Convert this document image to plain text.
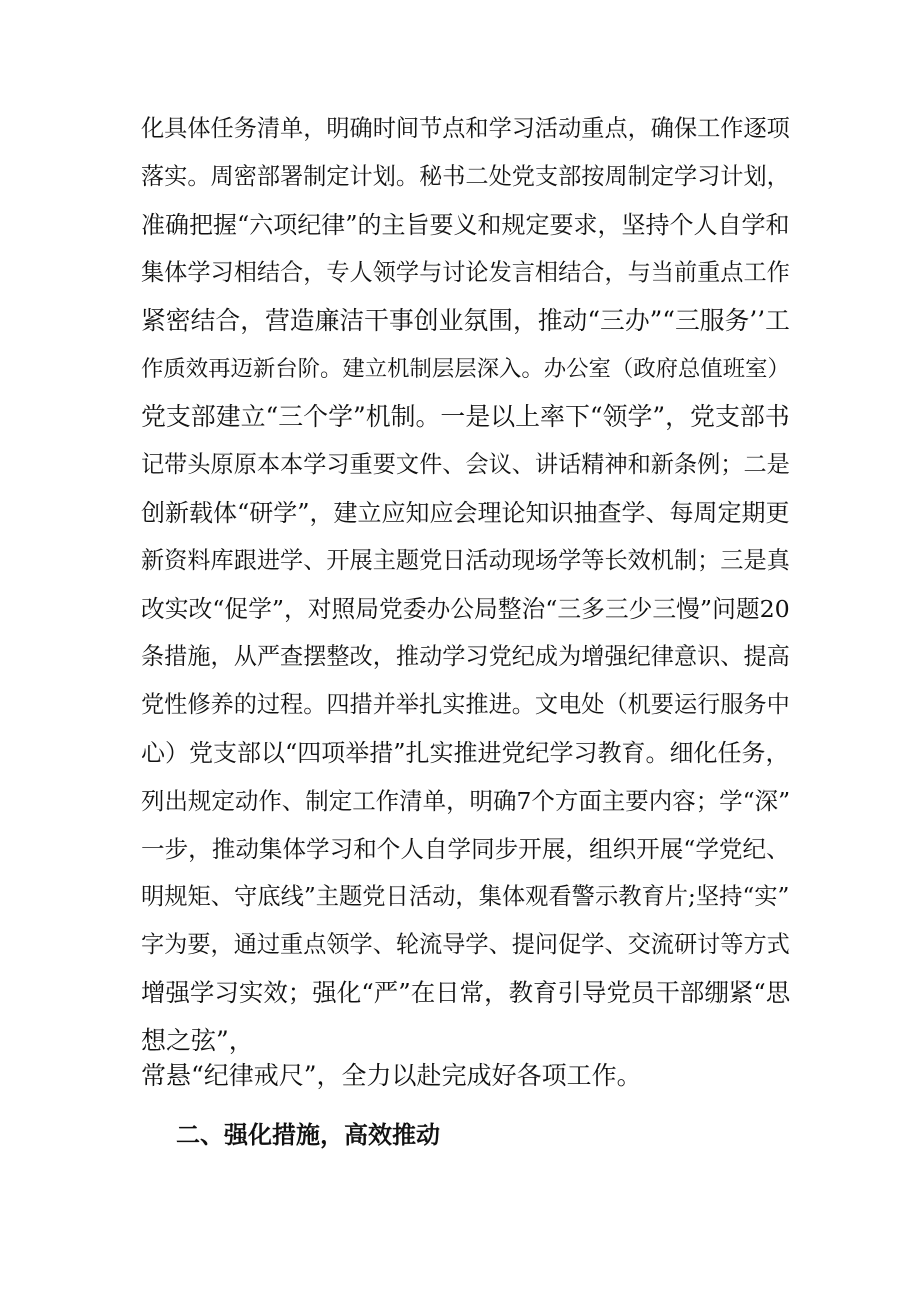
化具体任务清单，明确时间节点和学习活动重点，确保工作逐项
落实。周密部署制定计划。秘书二处党支部按周制定学习计划，
准确把握“六项纪律”的主旨要义和规定要求，坚持个人自学和
集体学习相结合，专人领学与讨论发言相结合，与当前重点工作
紧密结合，营造廉洁干事创业氛围，推动“三办”“三服务’’工
作质效再迈新台阶。建立机制层层深入。办公室（政府总值班室）
党支部建立“三个学”机制。一是以上率下“领学”，党支部书
记带头原原本本学习重要文件、会议、讲话精神和新条例；二是
创新载体“研学”，建立应知应会理论知识抽查学、每周定期更
新资料库跟进学、开展主题党日活动现场学等长效机制；三是真
改实改“促学”，对照局党委办公局整治“三多三少三慢”问题20
条措施，从严查摆整改，推动学习党纪成为增强纪律意识、提高
党性修养的过程。四措并举扎实推进。文电处（机要运行服务中
心）党支部以“四项举措”扎实推进党纪学习教育。细化任务，
列出规定动作、制定工作清单，明确7个方面主要内容；学“深”
一步，推动集体学习和个人自学同步开展，组织开展“学党纪、
明规矩、守底线”主题党日活动，集体观看警示教育片;坚持“实”
字为要，通过重点领学、轮流导学、提问促学、交流研讨等方式
增强学习实效；强化“严”在日常，教育引导党员干部绷紧“思
想之弦”，
常悬“纪律戒尺”，全力以赴完成好各项工作。
二、强化措施，高效推动
